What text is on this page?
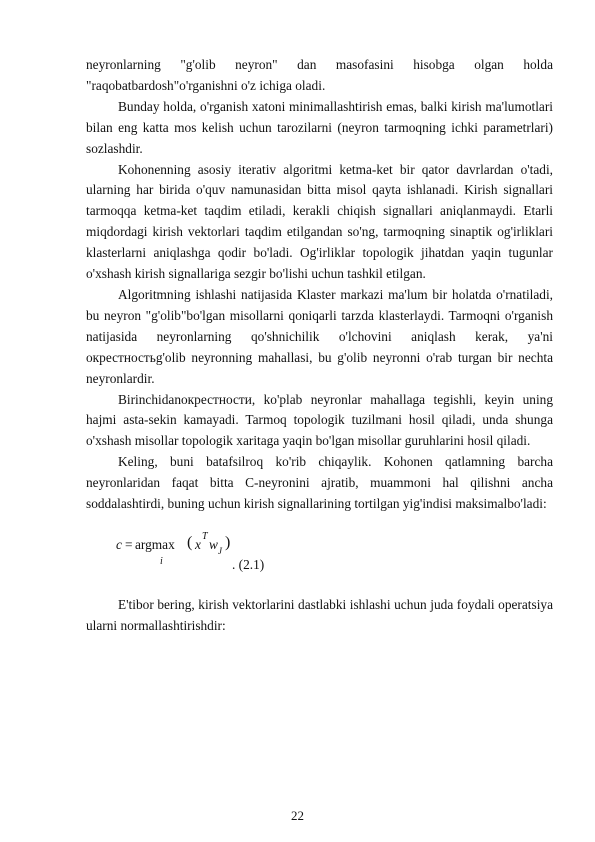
neyronlarning "g'olib neyron" dan masofasini hisobga olgan holda "raqobatbardosh"o'rganishni o'z ichiga oladi.

Bunday holda, o'rganish xatoni minimallashtirish emas, balki kirish ma'lumotlari bilan eng katta mos kelish uchun tarozilarni (neyron tarmoqning ichki parametrlari) sozlashdir.

Kohonenning asosiy iterativ algoritmi ketma-ket bir qator davrlardan o'tadi, ularning har birida o'quv namunasidan bitta misol qayta ishlanadi. Kirish signallari tarmoqqa ketma-ket taqdim etiladi, kerakli chiqish signallari aniqlanmaydi. Etarli miqdordagi kirish vektorlari taqdim etilgandan so'ng, tarmoqning sinaptik og'irliklari klasterlarni aniqlashga qodir bo'ladi. Og'irliklar topologik jihatdan yaqin tugunlar o'xshash kirish signallariga sezgir bo'lishi uchun tashkil etilgan.

Algoritmning ishlashi natijasida Klaster markazi ma'lum bir holatda o'rnatiladi, bu neyron "g'olib"bo'lgan misollarni qoniqarli tarzda klasterlaydi. Tarmoqni o'rganish natijasida neyronlarning qo'shnichilik o'lchovini aniqlash kerak, ya'ni окрестностьg'olib neyronning mahallasi, bu g'olib neyronni o'rab turgan bir nechta neyronlardir.

Birinchidanокрестности, ko'plab neyronlar mahallaga tegishli, keyin uning hajmi asta-sekin kamayadi. Tarmoq topologik tuzilmani hosil qiladi, unda shunga o'xshash misollar topologik xaritaga yaqin bo'lgan misollar guruhlarini hosil qiladi.

Keling, buni batafsilroq ko'rib chiqaylik. Kohonen qatlamning barcha neyronlaridan faqat bitta C-neyronini ajratib, muammoni hal qilishni ancha soddalashtirdi, buning uchun kirish signallarining tortilgan yig'indisi maksimalbo'ladi:

c = argmax
i
( x
T
w J )
. (2.1)

E'tibor bering, kirish vektorlarini dastlabki ishlashi uchun juda foydali operatsiya ularni normallashtirishdir:

22
